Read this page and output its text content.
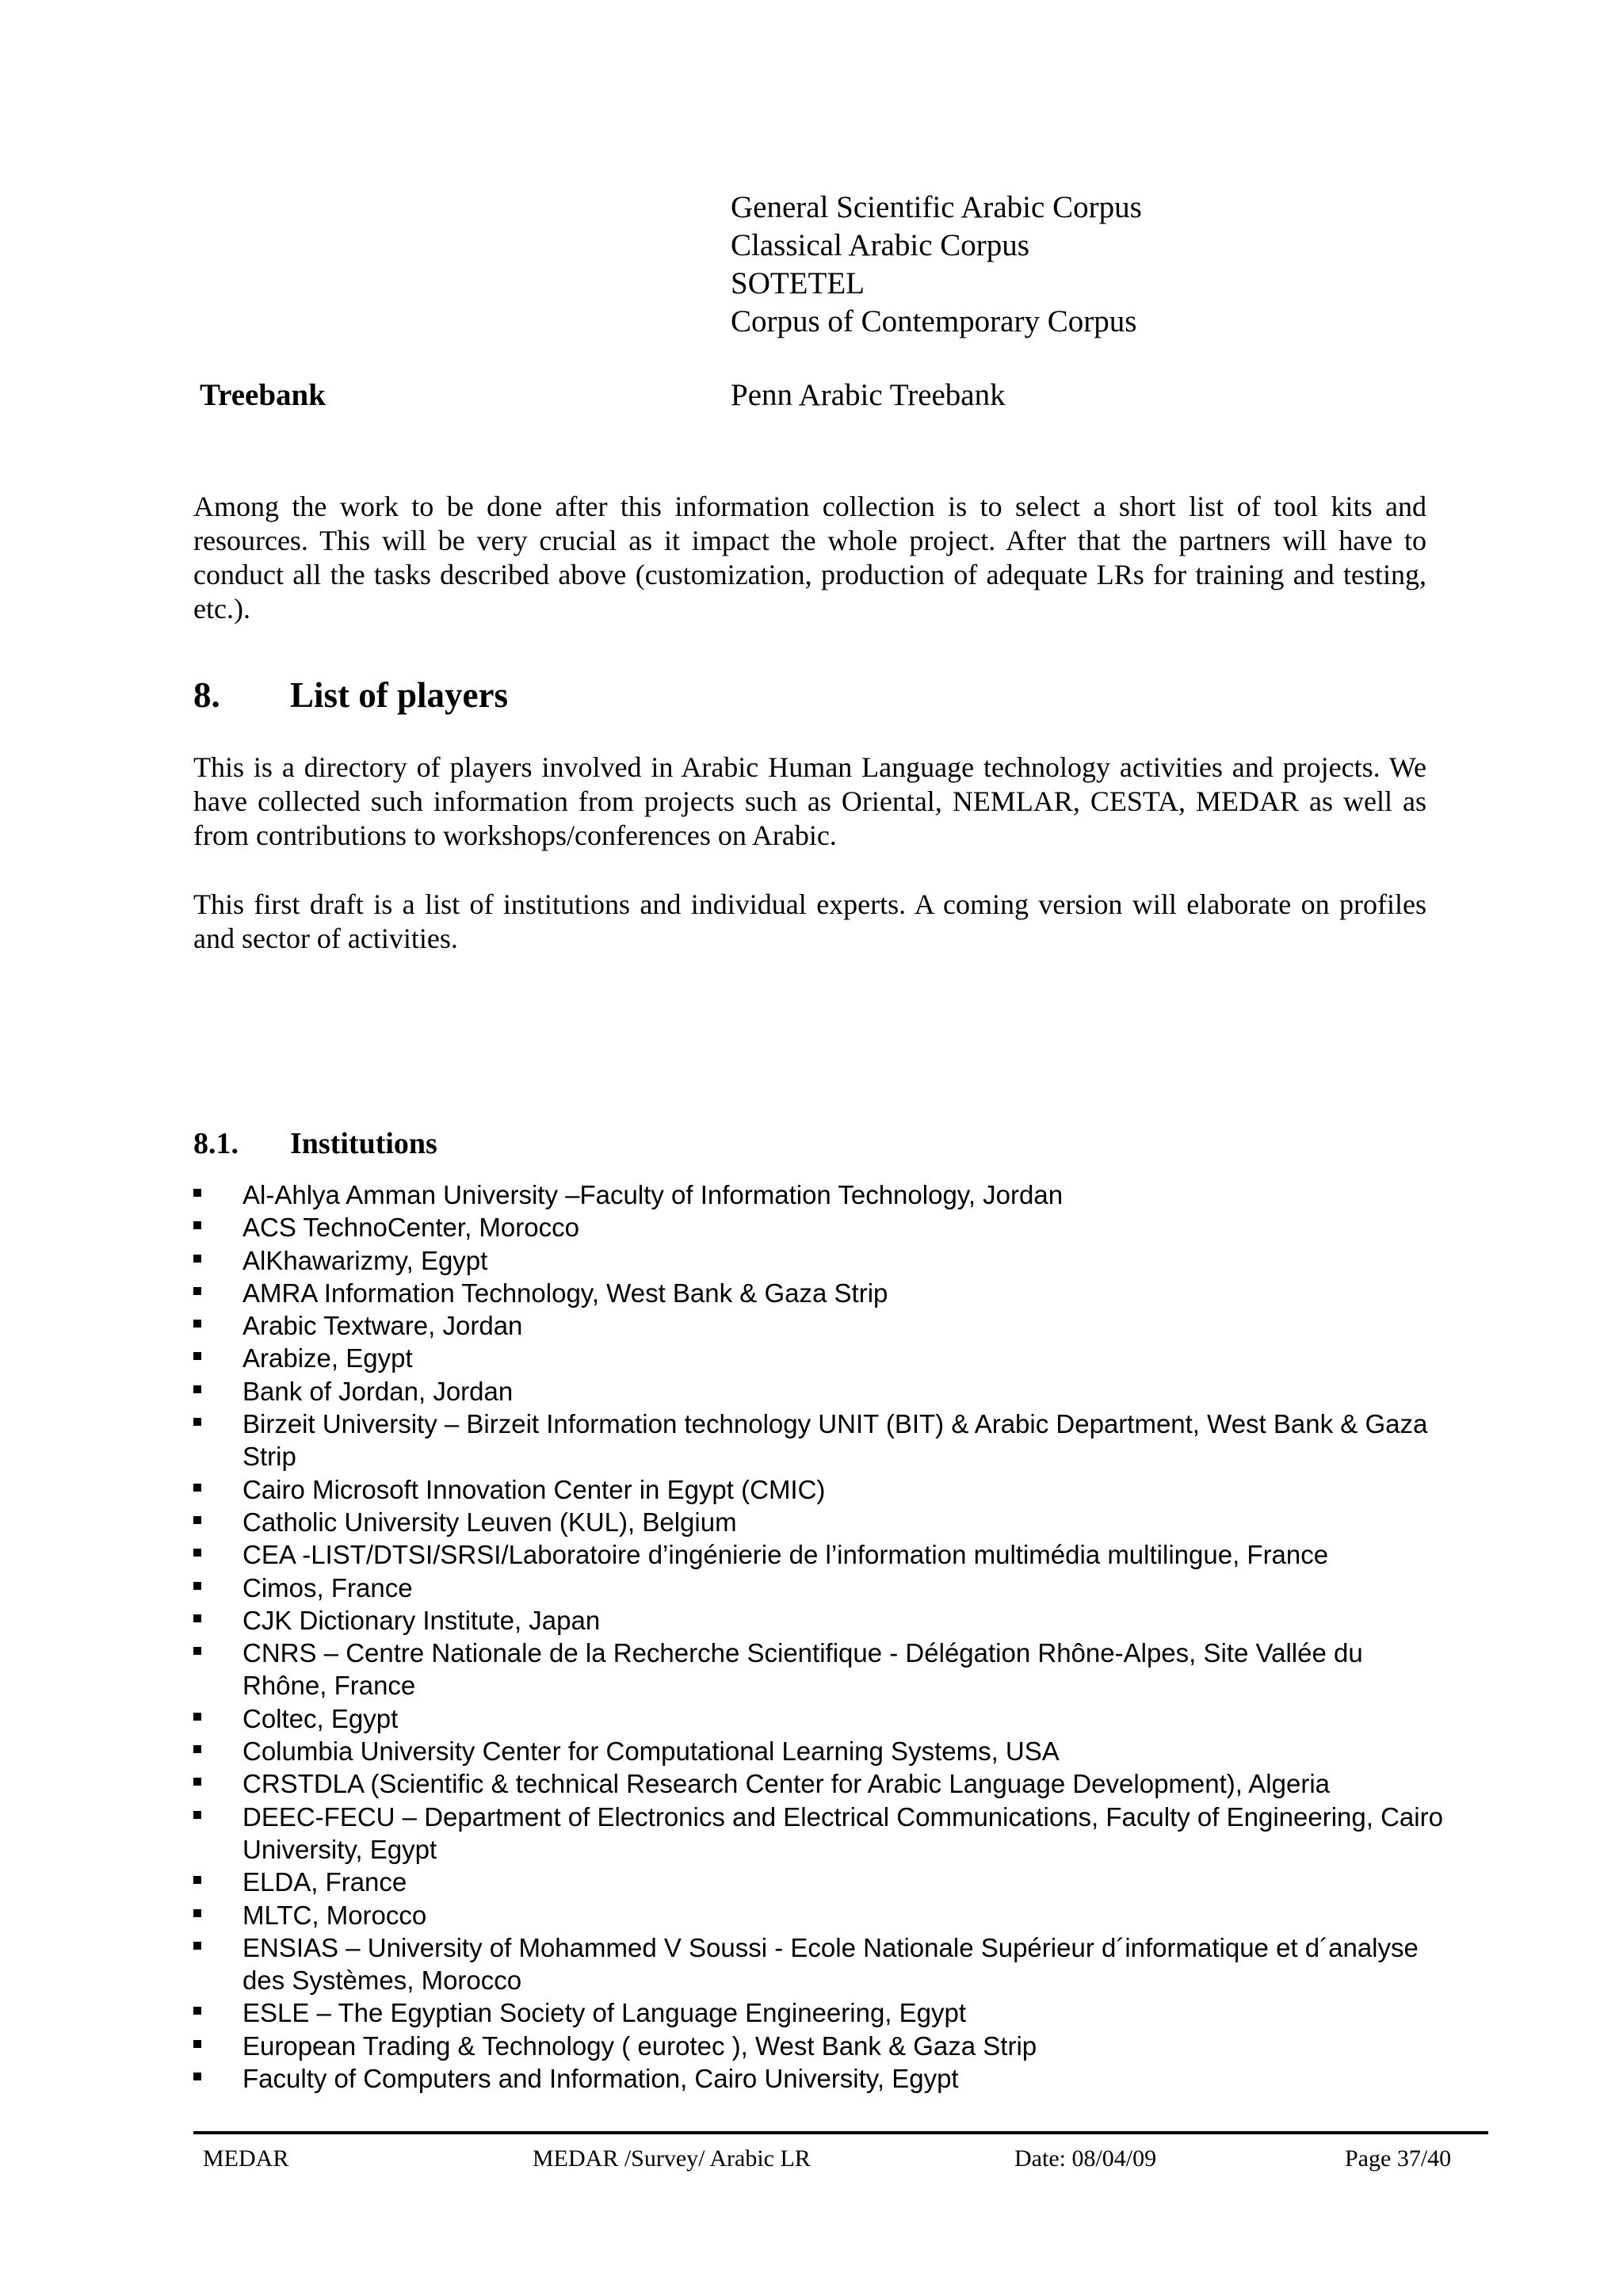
General Scientific Arabic Corpus
Classical Arabic Corpus
SOTETEL
Corpus of Contemporary Corpus
Treebank	Penn Arabic Treebank
Among the work to be done after this information collection is to select a short list of tool kits and resources. This will be very crucial as it impact the whole project. After that the partners will have to conduct all the tasks described above (customization, production of adequate LRs for training and testing, etc.).
8. List of players
This is a directory of players involved in Arabic Human Language technology activities and projects. We have collected such information from projects such as Oriental, NEMLAR, CESTA, MEDAR as well as from contributions to workshops/conferences on Arabic.
This first draft is a list of institutions and individual experts. A coming version will elaborate on profiles and sector of activities.
8.1. Institutions
Al-Ahlya Amman University –Faculty of Information Technology, Jordan
ACS TechnoCenter, Morocco
AlKhawarizmy, Egypt
AMRA Information Technology, West Bank & Gaza Strip
Arabic Textware, Jordan
Arabize, Egypt
Bank of Jordan, Jordan
Birzeit University – Birzeit Information technology UNIT (BIT) & Arabic Department, West Bank & Gaza Strip
Cairo Microsoft Innovation Center in Egypt (CMIC)
Catholic University Leuven (KUL), Belgium
CEA -LIST/DTSI/SRSI/Laboratoire d’ingénierie de l’information multimédia multilingue, France
Cimos, France
CJK Dictionary Institute, Japan
CNRS – Centre Nationale de la Recherche Scientifique - Délégation Rhône-Alpes, Site Vallée du Rhône, France
Coltec, Egypt
Columbia University Center for Computational Learning Systems, USA
CRSTDLA (Scientific & technical Research Center for Arabic Language Development), Algeria
DEEC-FECU – Department of Electronics and Electrical Communications, Faculty of Engineering, Cairo University, Egypt
ELDA, France
MLTC, Morocco
ENSIAS – University of Mohammed V Soussi - Ecole Nationale Supérieur d´informatique et d´analyse des Systèmes, Morocco
ESLE – The Egyptian Society of Language Engineering, Egypt
European Trading & Technology ( eurotec ), West Bank & Gaza Strip
Faculty of Computers and Information, Cairo University, Egypt
MEDAR	MEDAR /Survey/ Arabic LR	Date: 08/04/09	Page 37/40
